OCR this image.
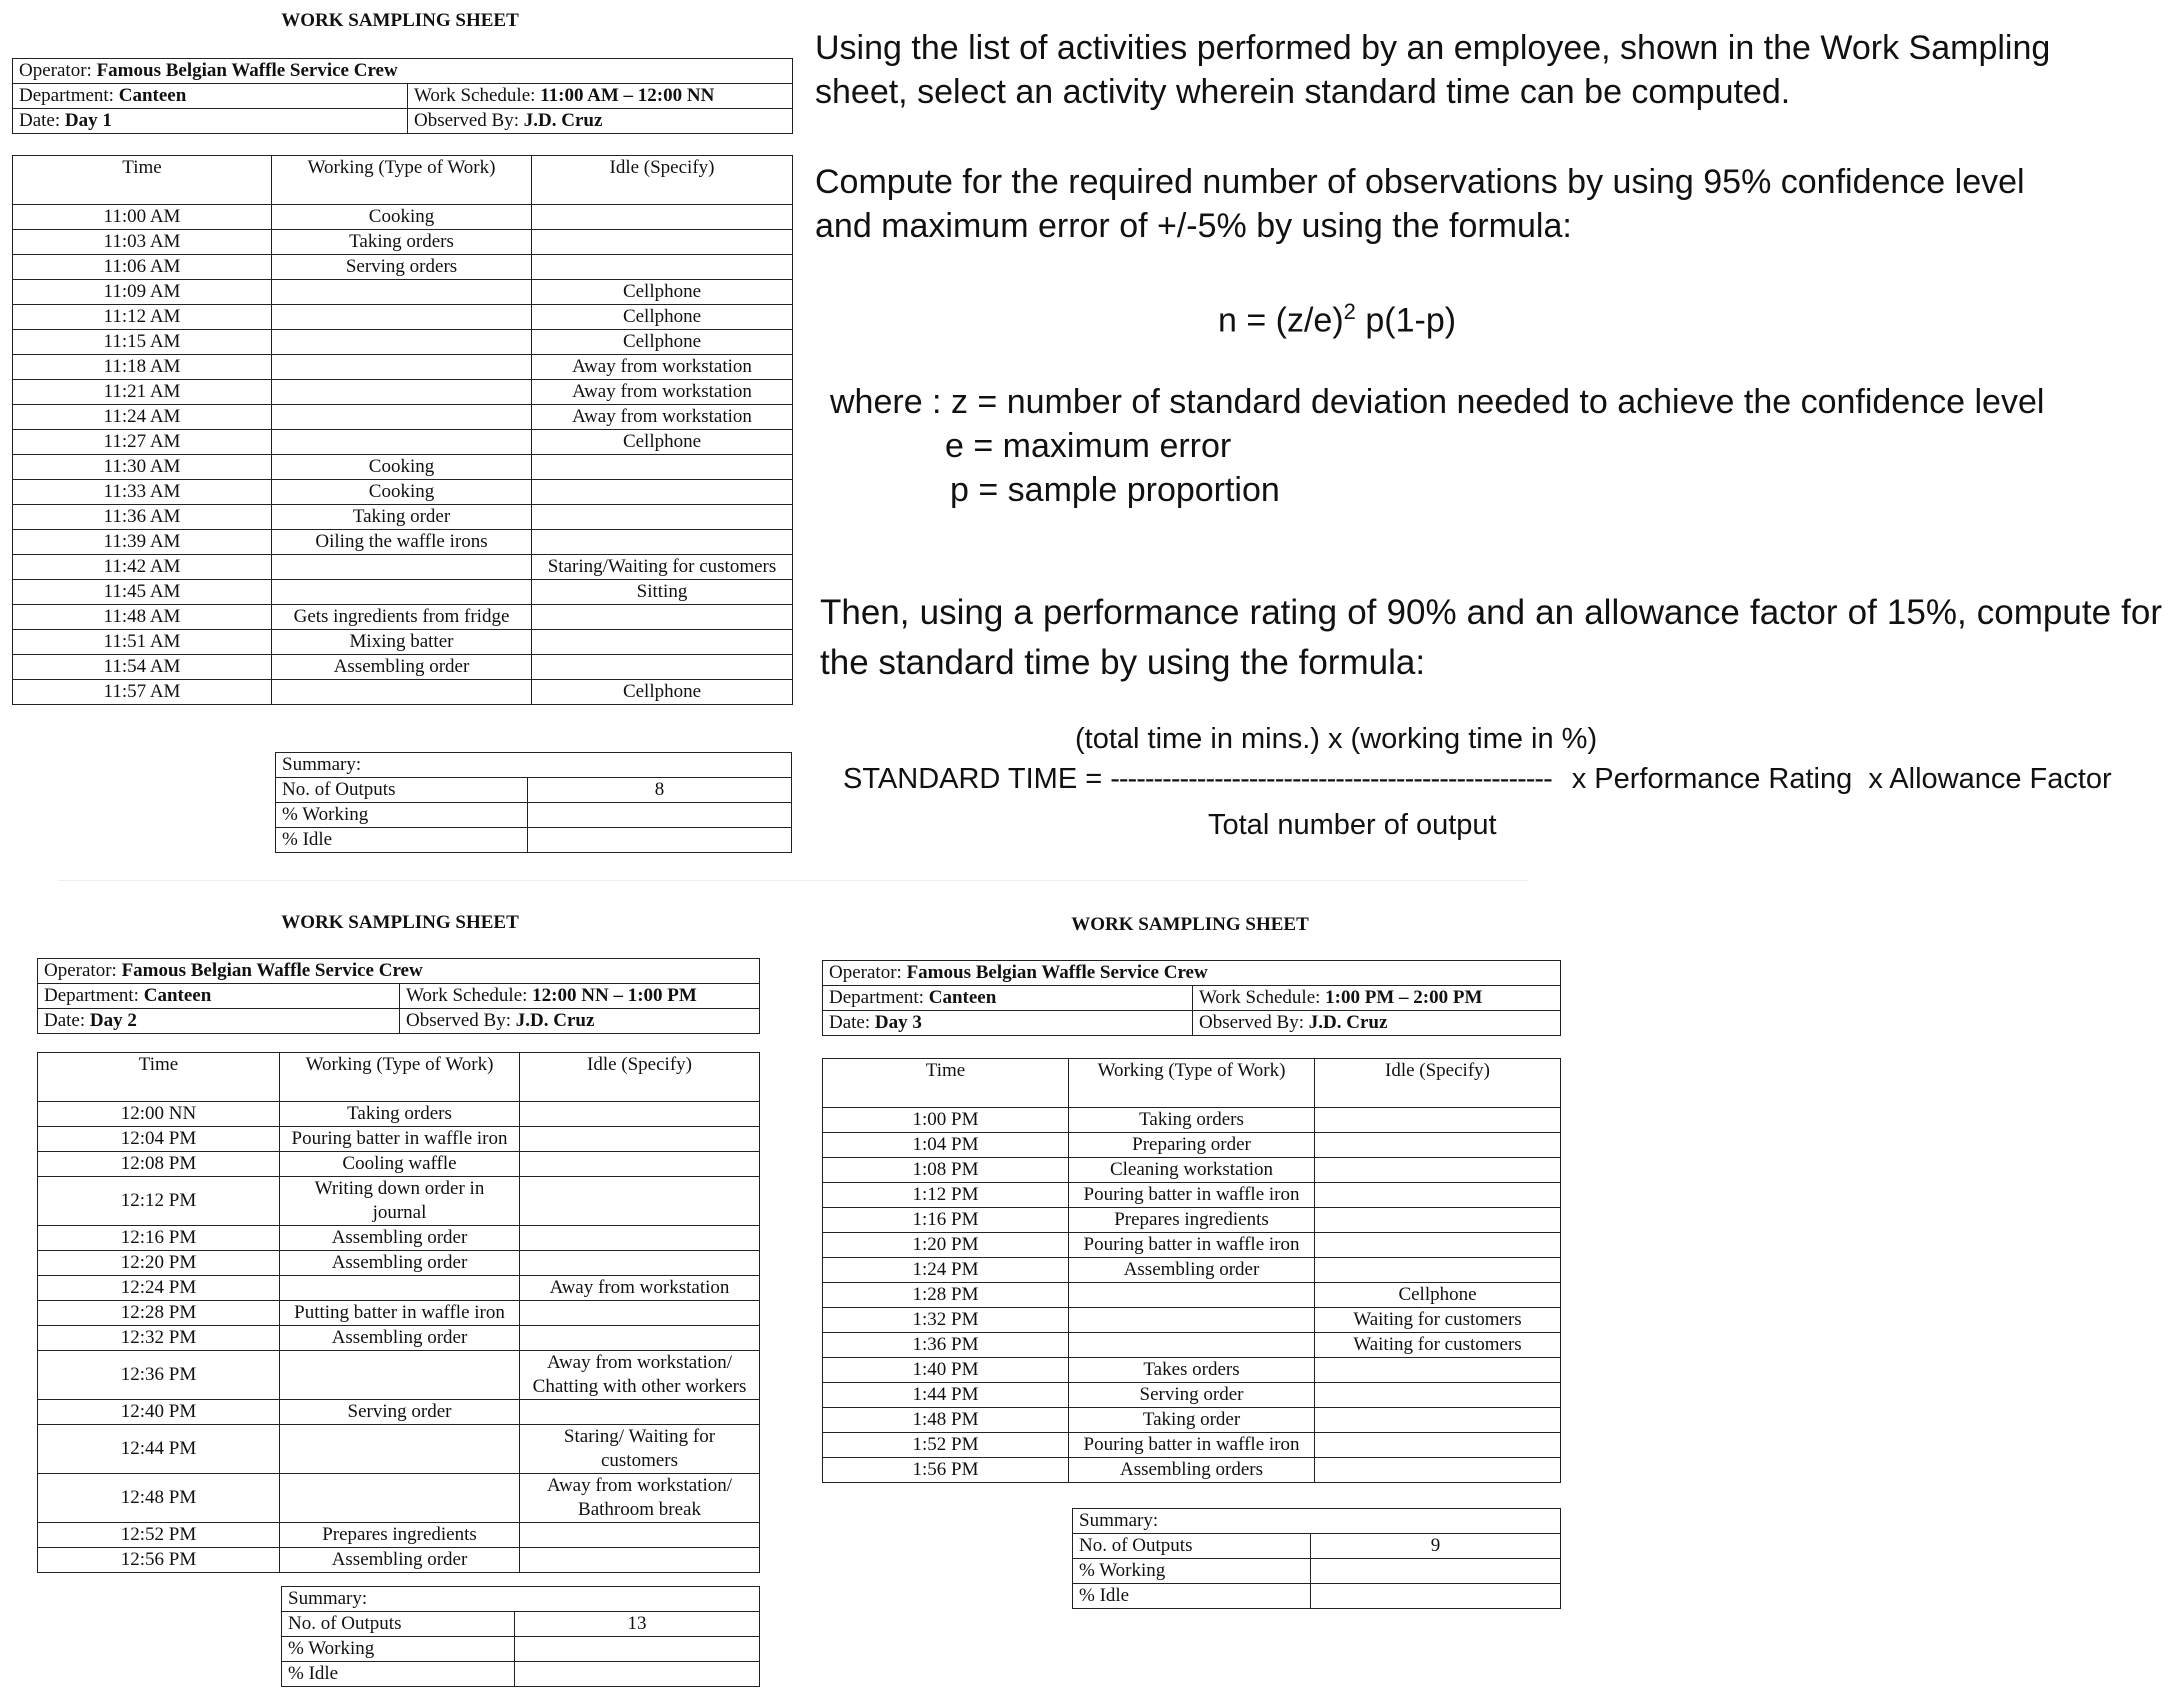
WORK SAMPLING SHEET
Operator: Famous Belgian Waffle Service Crew	
Department: Canteen	Work Schedule: 11:00 AM – 12:00 NN
Date: Day 1	Observed By: J.D. Cruz
Time	Working (Type of Work)	Idle (Specify)
11:00 AM	Cooking	
11:03 AM	Taking orders	
11:06 AM	Serving orders	
11:09 AM		Cellphone
11:12 AM		Cellphone
11:15 AM		Cellphone
11:18 AM		Away from workstation
11:21 AM		Away from workstation
11:24 AM		Away from workstation
11:27 AM		Cellphone
11:30 AM	Cooking	
11:33 AM	Cooking	
11:36 AM	Taking order	
11:39 AM	Oiling the waffle irons	
11:42 AM		Staring/Waiting for customers
11:45 AM		Sitting
11:48 AM	Gets ingredients from fridge	
11:51 AM	Mixing batter	
11:54 AM	Assembling order	
11:57 AM		Cellphone
Summary:	
No. of Outputs	8
% Working	
% Idle	
WORK SAMPLING SHEET
Operator: Famous Belgian Waffle Service Crew	
Department: Canteen	Work Schedule: 12:00 NN – 1:00 PM
Date: Day 2	Observed By: J.D. Cruz
Time	Working (Type of Work)	Idle (Specify)
12:00 NN	Taking orders	
12:04 PM	Pouring batter in waffle iron	
12:08 PM	Cooling waffle	
12:12 PM	Writing down order in journal	
12:16 PM	Assembling order	
12:20 PM	Assembling order	
12:24 PM		Away from workstation
12:28 PM	Putting batter in waffle iron	
12:32 PM	Assembling order	
12:36 PM		Away from workstation/ Chatting with other workers
12:40 PM	Serving order	
12:44 PM		Staring/ Waiting for customers
12:48 PM		Away from workstation/ Bathroom break
12:52 PM	Prepares ingredients	
12:56 PM	Assembling order	
Summary:	
No. of Outputs	13
% Working	
% Idle	
WORK SAMPLING SHEET
Operator: Famous Belgian Waffle Service Crew	
Department: Canteen	Work Schedule: 1:00 PM – 2:00 PM
Date: Day 3	Observed By: J.D. Cruz
Time	Working (Type of Work)	Idle (Specify)
1:00 PM	Taking orders	
1:04 PM	Preparing order	
1:08 PM	Cleaning workstation	
1:12 PM	Pouring batter in waffle iron	
1:16 PM	Prepares ingredients	
1:20 PM	Pouring batter in waffle iron	
1:24 PM	Assembling order	
1:28 PM		Cellphone
1:32 PM		Waiting for customers
1:36 PM		Waiting for customers
1:40 PM	Takes orders	
1:44 PM	Serving order	
1:48 PM	Taking order	
1:52 PM	Pouring batter in waffle iron	
1:56 PM	Assembling orders	
Summary:	
No. of Outputs	9
% Working	
% Idle	
Using the list of activities performed by an employee, shown in the Work Sampling sheet, select an activity wherein standard time can be computed.
Compute for the required number of observations by using 95% confidence level and maximum error of +/-5% by using the formula:
$n = (z/e)^2$ p(1-p)
where : z = number of standard deviation needed to achieve the confidence level
e = maximum error
p = sample proportion
Then, using a performance rating of 90% and an allowance factor of 15%, compute for the standard time by using the formula:
(total time in mins.) x (working time in %)
STANDARD TIME = --------------------------------------------------- x Performance Rating  x Allowance Factor
Total number of output
